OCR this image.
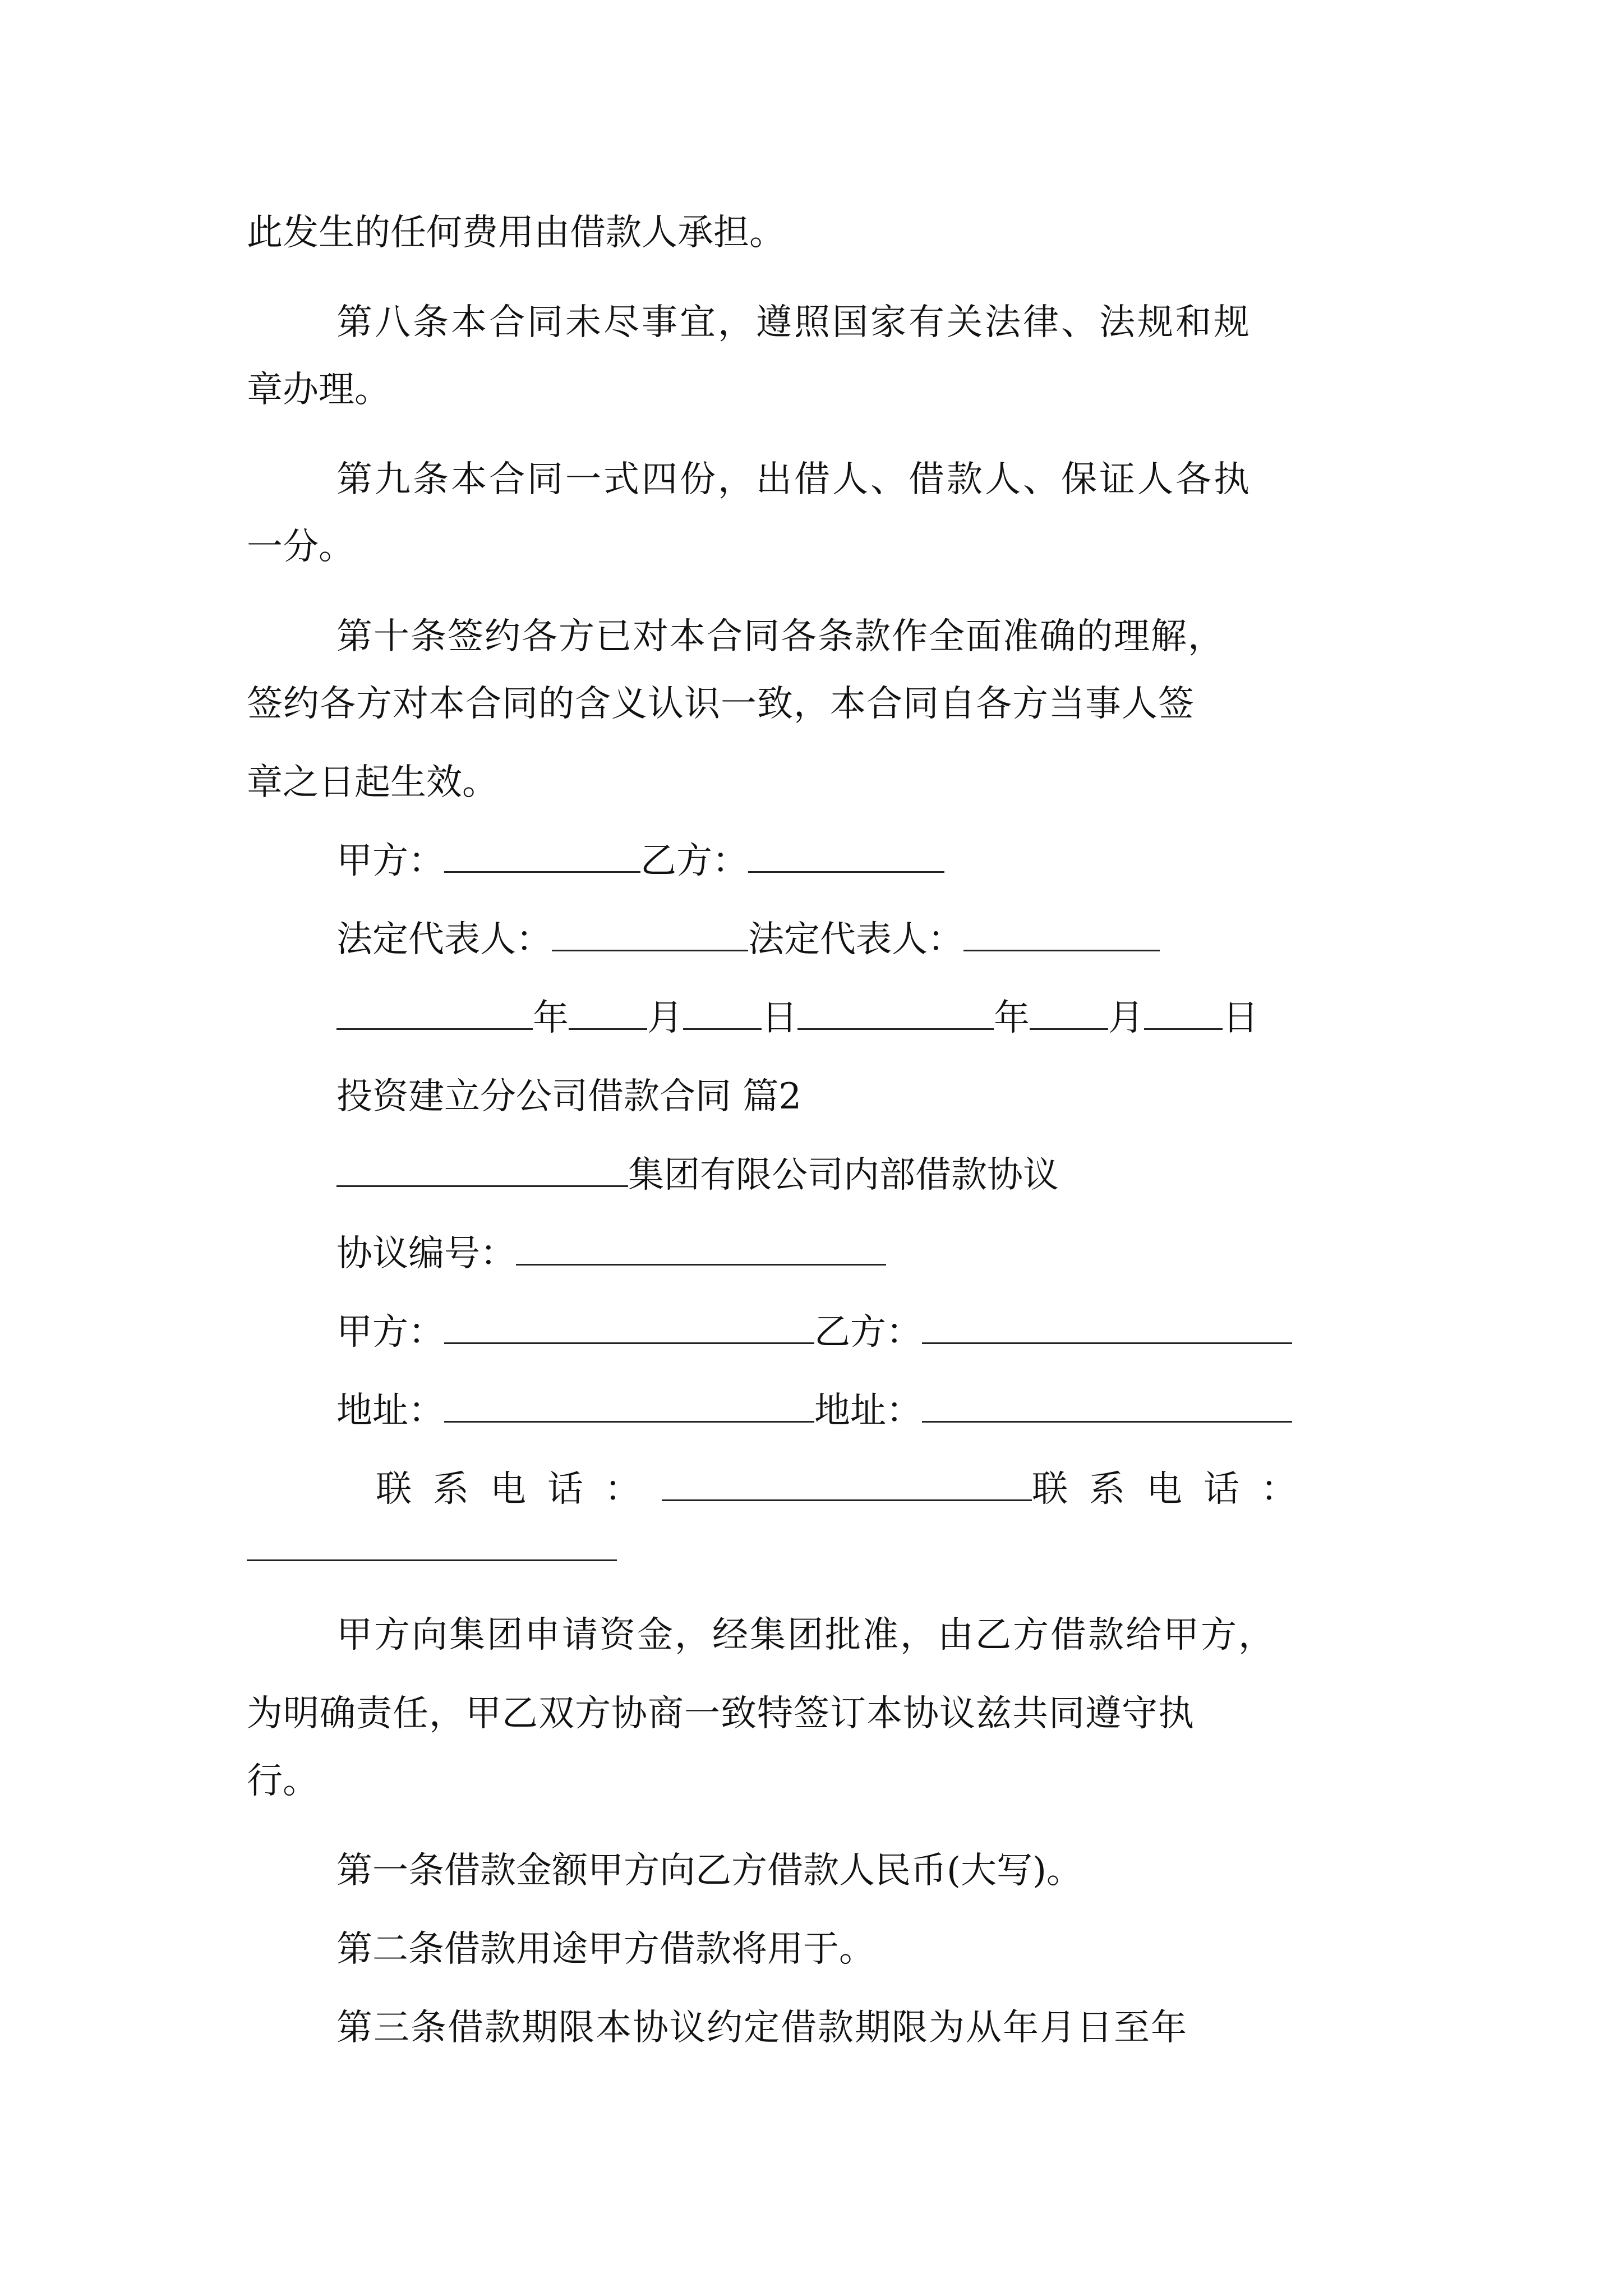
此发生的任何费用由借款人承担。
第八条本合同未尽事宜，遵照国家有关法律、法规和规
章办理。
第九条本合同一式四份，出借人、借款人、保证人各执
一分。
第十条签约各方已对本合同各条款作全面准确的理解，
签约各方对本合同的含义认识一致，本合同自各方当事人签
章之日起生效。
甲方：	乙方：
法定代表人：	法定代表人：
年 月 日	年 月 日
投资建立分公司借款合同 篇2
集团有限公司内部借款协议
协议编号：
甲方：	乙方：
地址：	地址：
联系电话：	联系电话：
甲方向集团申请资金，经集团批准，由乙方借款给甲方，
为明确责任，甲乙双方协商一致特签订本协议兹共同遵守执
行。
第一条借款金额甲方向乙方借款人民币(大写)。
第二条借款用途甲方借款将用于。
第三条借款期限本协议约定借款期限为从年月日至年
